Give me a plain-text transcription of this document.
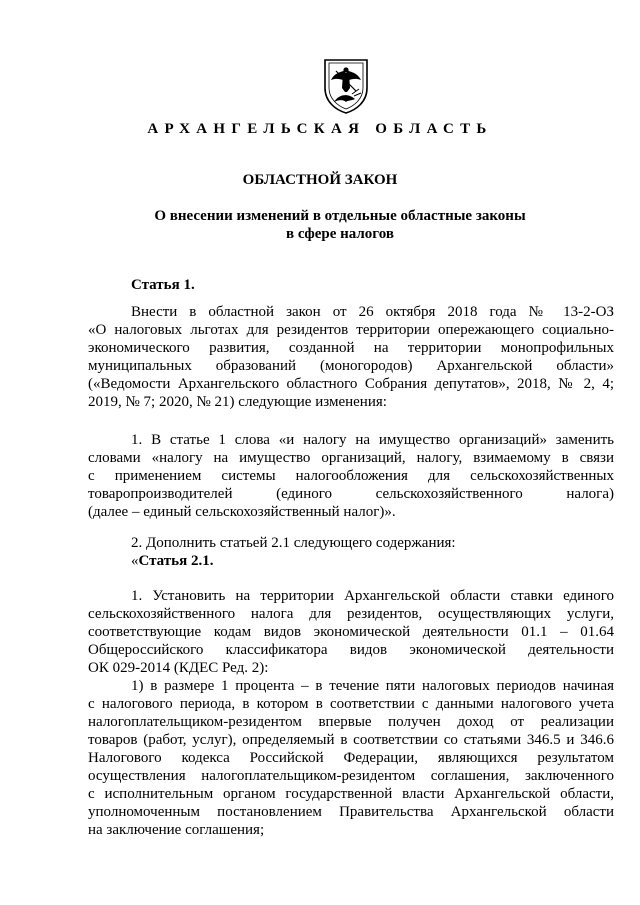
АРХАНГЕЛЬСКАЯ ОБЛАСТЬ
ОБЛАСТНОЙ ЗАКОН
О внесении изменений в отдельные областные законы
в сфере налогов
Статья 1.
Внести в областной закон от 26 октября 2018 года № 13-2-ОЗ
«О налоговых льготах для резидентов территории опережающего социально-
экономического развития, созданной на территории монопрофильных
муниципальных образований (моногородов) Архангельской области»
(«Ведомости Архангельского областного Собрания депутатов», 2018, № 2, 4;
2019, № 7; 2020, № 21) следующие изменения:
1. В статье 1 слова «и налогу на имущество организаций» заменить
словами «налогу на имущество организаций, налогу, взимаемому в связи
с применением системы налогообложения для сельскохозяйственных
товаропроизводителей (единого сельскохозяйственного налога)
(далее – единый сельскохозяйственный налог)».
2. Дополнить статьей 2.1 следующего содержания:
«Статья 2.1.
1. Установить на территории Архангельской области ставки единого
сельскохозяйственного налога для резидентов, осуществляющих услуги,
соответствующие кодам видов экономической деятельности 01.1 – 01.64
Общероссийского классификатора видов экономической деятельности
ОК 029-2014 (КДЕС Ред. 2):
1) в размере 1 процента – в течение пяти налоговых периодов начиная
с налогового периода, в котором в соответствии с данными налогового учета
налогоплательщиком-резидентом впервые получен доход от реализации
товаров (работ, услуг), определяемый в соответствии со статьями 346.5 и 346.6
Налогового кодекса Российской Федерации, являющихся результатом
осуществления налогоплательщиком-резидентом соглашения, заключенного
с исполнительным органом государственной власти Архангельской области,
уполномоченным постановлением Правительства Архангельской области
на заключение соглашения;
